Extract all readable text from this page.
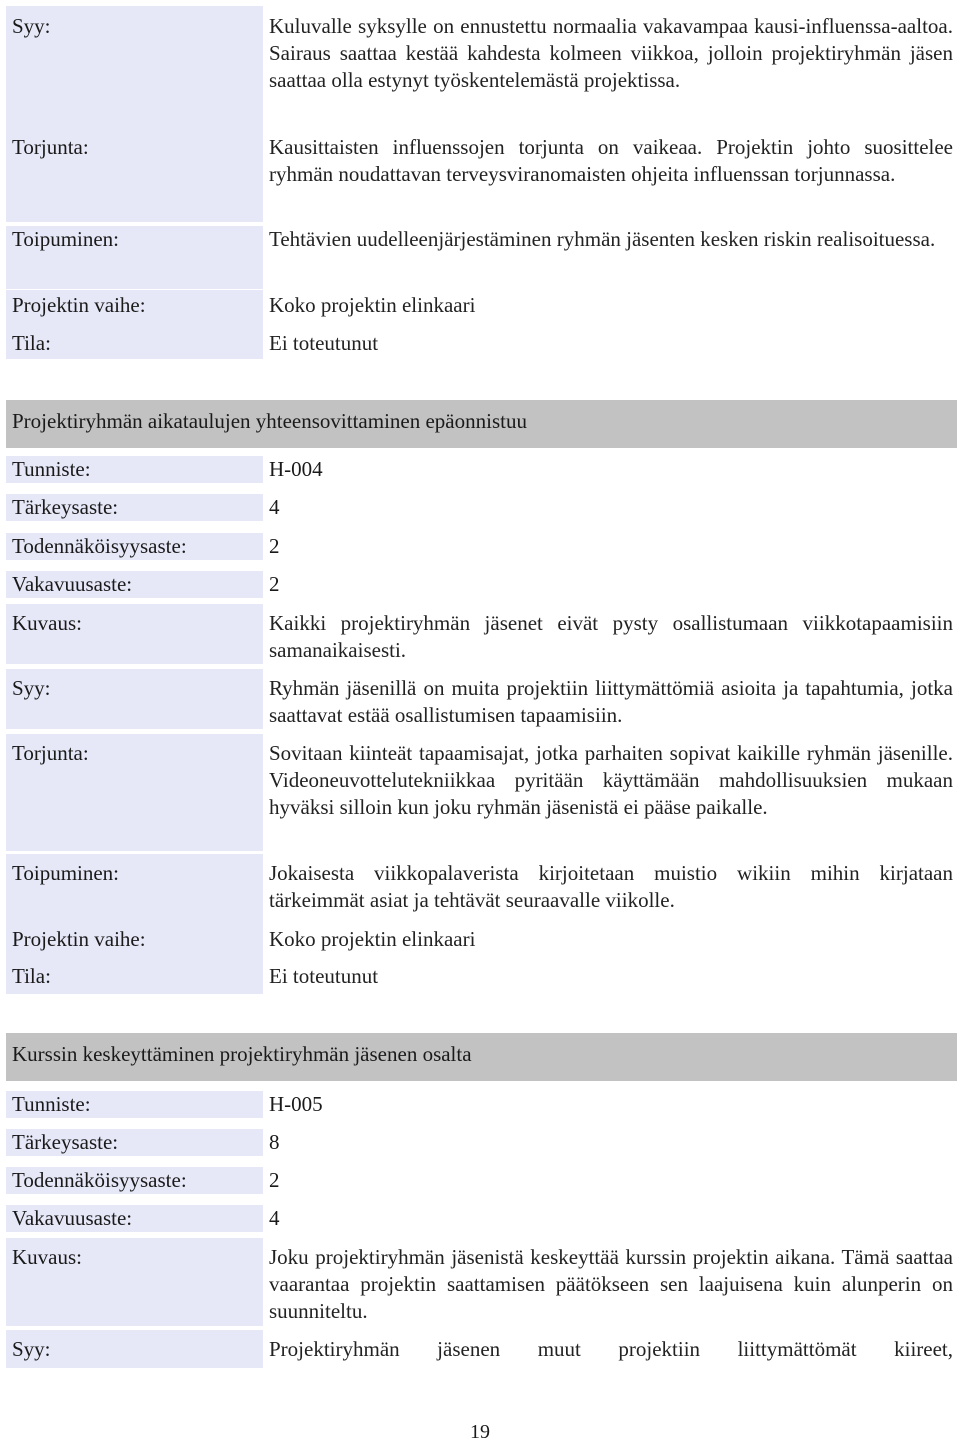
Syy:	Kuluvalle syksylle on ennustettu normaalia vakavampaa kausi-influenssa-aaltoa. Sairaus saattaa kestää kahdesta kolmeen viikkoa, jolloin projektiryhmän jäsen saattaa olla estynyt työskentelemästä projektissa.
Torjunta:	Kausittaisten influenssojen torjunta on vaikeaa. Projektin johto suosittelee ryhmän noudattavan terveysviranomaisten ohjeita influenssan torjunnassa.
Toipuminen:	Tehtävien uudelleenjärjestäminen ryhmän jäsenten kesken riskin realisoituessa.
Projektin vaihe:	Koko projektin elinkaari
Tila:	Ei toteutunut
Projektiryhmän aikataulujen yhteensovittaminen epäonnistuu
Tunniste:	H-004
Tärkeysaste:	4
Todennäköisyysaste:	2
Vakavuusaste:	2
Kuvaus:	Kaikki projektiryhmän jäsenet eivät pysty osallistumaan viikkotapaamisiin samanaikaisesti.
Syy:	Ryhmän jäsenillä on muita projektiin liittymättömiä asioita ja tapahtumia, jotka saattavat estää osallistumisen tapaamisiin.
Torjunta:	Sovitaan kiinteät tapaamisajat, jotka parhaiten sopivat kaikille ryhmän jäsenille. Videoneuvottelutekniikkaa pyritään käyttämään mahdollisuuksien mukaan hyväksi silloin kun joku ryhmän jäsenistä ei pääse paikalle.
Toipuminen:	Jokaisesta viikkopalaverista kirjoitetaan muistio wikiin mihin kirjataan tärkeimmät asiat ja tehtävät seuraavalle viikolle.
Projektin vaihe:	Koko projektin elinkaari
Tila:	Ei toteutunut
Kurssin keskeyttäminen projektiryhmän jäsenen osalta
Tunniste:	H-005
Tärkeysaste:	8
Todennäköisyysaste:	2
Vakavuusaste:	4
Kuvaus:	Joku projektiryhmän jäsenistä keskeyttää kurssin projektin aikana. Tämä saattaa vaarantaa projektin saattamisen päätökseen sen laajuisena kuin alunperin on suunniteltu.
Syy:	Projektiryhmän jäsenen muut projektiin liittymättömät kiireet,
19
